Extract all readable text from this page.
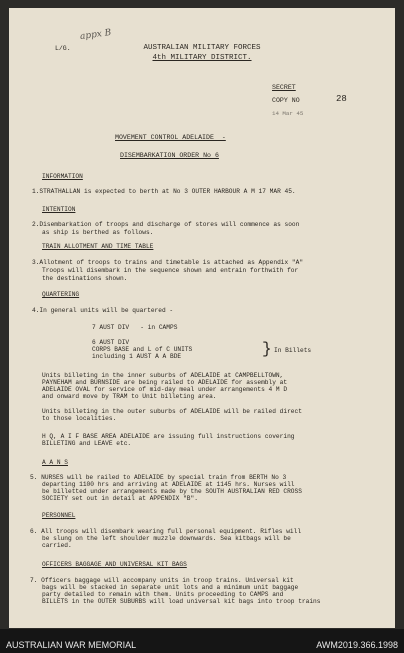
L/G.
appx B
AUSTRALIAN MILITARY FORCES
4th MILITARY DISTRICT.
SECRET
COPY NO	28
14 Mar 45
MOVEMENT CONTROL ADELAIDE  -
DISEMBARKATION ORDER No 6
INFORMATION
1.STRATHALLAN is expected to berth at No 3 OUTER HARBOUR A M 17 MAR 45.
INTENTION
2.Disembarkation of troops and discharge of stores will commence as soon
as ship is berthed as follows.
TRAIN ALLOTMENT AND TIME TABLE
3.Allotment of troops to trains and timetable is attached as Appendix "A"
Troops will disembark in the sequence shown and entrain forthwith for
the destinations shown.
QUARTERING
4.In general units will be quartered -
7 AUST DIV   - in CAMPS
6 AUST DIV
CORPS BASE and L of C UNITS
including 1 AUST A A BDE	} In Billets
Units billeting in the inner suburbs of ADELAIDE at CAMPBELLTOWN,
PAYNEHAM and BURNSIDE are being railed to ADELAIDE for assembly at
ADELAIDE OVAL for service of mid-day meal under arrangements 4 M D
and onward move by TRAM to Unit billeting area.
Units billeting in the outer suburbs of ADELAIDE will be railed direct
to those localities.
H Q, A I F BASE AREA ADELAIDE are issuing full instructions covering
BILLETING and LEAVE etc.
A A N S
5. NURSES will be railed to ADELAIDE by special train from BERTH No 3
departing 1100 hrs and arriving at ADELAIDE at 1145 hrs. Nurses will
be billetted under arrangements made by the SOUTH AUSTRALIAN RED CROSS
SOCIETY set out in detail at APPENDIX "B".
PERSONNEL
6. All troops will disembark wearing full personal equipment. Rifles will
be slung on the left shoulder muzzle downwards. Sea kitbags will be
carried.
OFFICERS BAGGAGE AND UNIVERSAL KIT BAGS
7. Officers baggage will accompany units in troop trains. Universal kit
bags will be stacked in separate unit lots and a minimum unit baggage
party detailed to remain with them. Units proceeding to CAMPS and
BILLETS in the OUTER SUBURBS will load universal kit bags into troop trains
AUSTRALIAN WAR MEMORIAL	AWM2019.366.1998
